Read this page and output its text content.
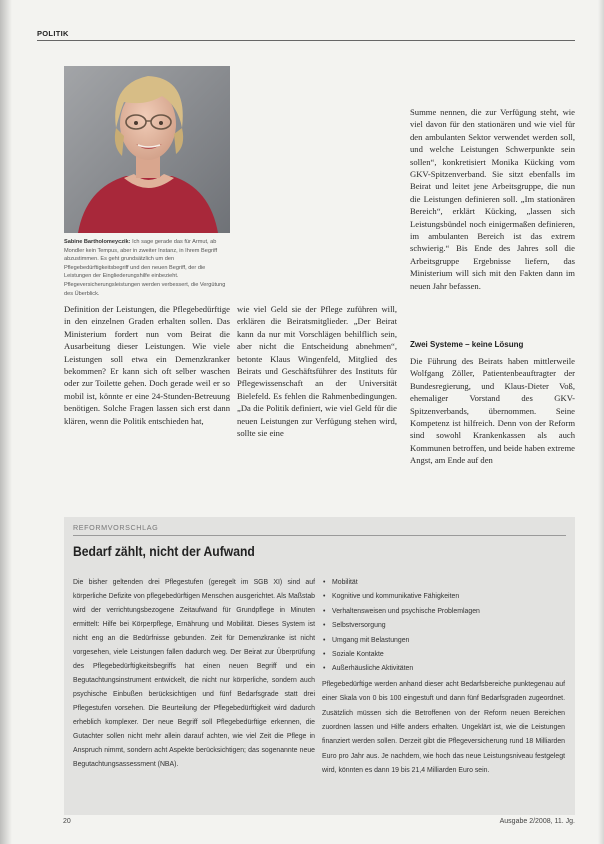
POLITIK
Sabine Bartholomeyczik: Ich sage gerade das für Armut, ab Mondler kein Tempus, aber in zweiter Instanz, in Ihrem Begriff abzustimmen. Es geht grundsätzlich um den Pflegebedürftigkeitsbegriff und den neuen Begriff, der die Leistungen der Eingliederungshilfe einbezieht. Pflegeversicherungsleistungen werden verbessert, die Vergütung des Überblick.
Definition der Leistungen, die Pflegebedürftige in den einzelnen Graden erhalten sollen. Das Ministerium fordert nun vom Beirat die Ausarbeitung dieser Leistungen. Wie viele Leistungen soll etwa ein Demenzkranker bekommen? Er kann sich oft selber waschen oder zur Toilette gehen. Doch gerade weil er so mobil ist, könnte er eine 24-Stunden-Betreuung benötigen. Solche Fragen lassen sich erst dann klären, wenn die Politik entschieden hat,
wie viel Geld sie der Pflege zuführen will, erklären die Beiratsmitglieder. „Der Beirat kann da nur mit Vorschlägen behilflich sein, aber nicht die Entscheidung abnehmen“, betonte Klaus Wingenfeld, Mitglied des Beirats und Geschäftsführer des Instituts für Pflegewissenschaft an der Universität Bielefeld. Es fehlen die Rahmenbedingungen. „Da die Politik definiert, wie viel Geld für die neuen Leistungen zur Verfügung stehen wird, sollte sie eine
Summe nennen, die zur Verfügung steht, wie viel davon für den stationären und wie viel für den ambulanten Sektor verwendet werden soll, und welche Leistungen Schwerpunkte sein sollen“, konkretisiert Monika Kücking vom GKV-Spitzenverband. Sie sitzt ebenfalls im Beirat und leitet jene Arbeitsgruppe, die nun die Leistungen definieren soll. „Im stationären Bereich“, erklärt Kücking, „lassen sich Leistungsbündel noch einigermaßen definieren, im ambulanten Bereich ist das extrem schwierig.“ Bis Ende des Jahres soll die Arbeitsgruppe Ergebnisse liefern, das Ministerium will sich mit den Fakten dann im neuen Jahr befassen.
Zwei Systeme – keine Lösung
Die Führung des Beirats haben mittlerweile Wolfgang Zöller, Patientenbeauftragter der Bundesregierung, und Klaus-Dieter Voß, ehemaliger Vorstand des GKV-Spitzenverbands, übernommen. Seine Kompetenz ist hilfreich. Denn von der Reform sind sowohl Krankenkassen als auch Kommunen betroffen, und beide haben extreme Angst, am Ende auf den
REFORMVORSCHLAG
Bedarf zählt, nicht der Aufwand
Die bisher geltenden drei Pflegestufen (geregelt im SGB XI) sind auf körperliche Defizite von pflegebedürftigen Menschen ausgerichtet. Als Maßstab wird der verrichtungsbezogene Zeitaufwand für Grundpflege in Minuten ermittelt: Hilfe bei Körperpflege, Ernährung und Mobilität. Dieses System ist nicht eng an die Bedürfnisse gebunden. Zeit für Demenzkranke ist nicht vorgesehen, viele Leistungen fallen dadurch weg. Der Beirat zur Überprüfung des Pflegebedürftigkeitsbegriffs hat einen neuen Begriff und ein Begutachtungsinstrument entwickelt, die nicht nur körperliche, sondern auch psychische Einbußen berücksichtigen und fünf Bedarfsgrade statt drei Pflegestufen vorsehen. Die Beurteilung der Pflegebedürftigkeit wird dadurch erheblich komplexer. Der neue Begriff soll Pflegebedürftige erkennen, die Gutachter sollen nicht mehr allein darauf achten, wie viel Zeit die Pflege in Anspruch nimmt, sondern acht Aspekte berücksichtigen; das sogenannte neue Begutachtungsassessment (NBA).
• Mobilität
• Kognitive und kommunikative Fähigkeiten
• Verhaltensweisen und psychische Problemlagen
• Selbstversorgung
• Umgang mit Belastungen
• Soziale Kontakte
• Außerhäusliche Aktivitäten

Pflegebedürftige werden anhand dieser acht Bedarfsbereiche punktegenau auf einer Skala von 0 bis 100 eingestuft und dann fünf Bedarfsgraden zugeordnet. Zusätzlich müssen sich die Betroffenen von der Reform neuen Bereichen zuordnen lassen und Hilfe anders erhalten. Ungeklärt ist, wie die Leistungen finanziert werden sollen. Derzeit gibt die Pflegeversicherung rund 18 Milliarden Euro pro Jahr aus. Je nachdem, wie hoch das neue Leistungsniveau festgelegt wird, könnten es dann 19 bis 21,4 Milliarden Euro sein.

20	Ausgabe 2/2008, 11. Jg.
